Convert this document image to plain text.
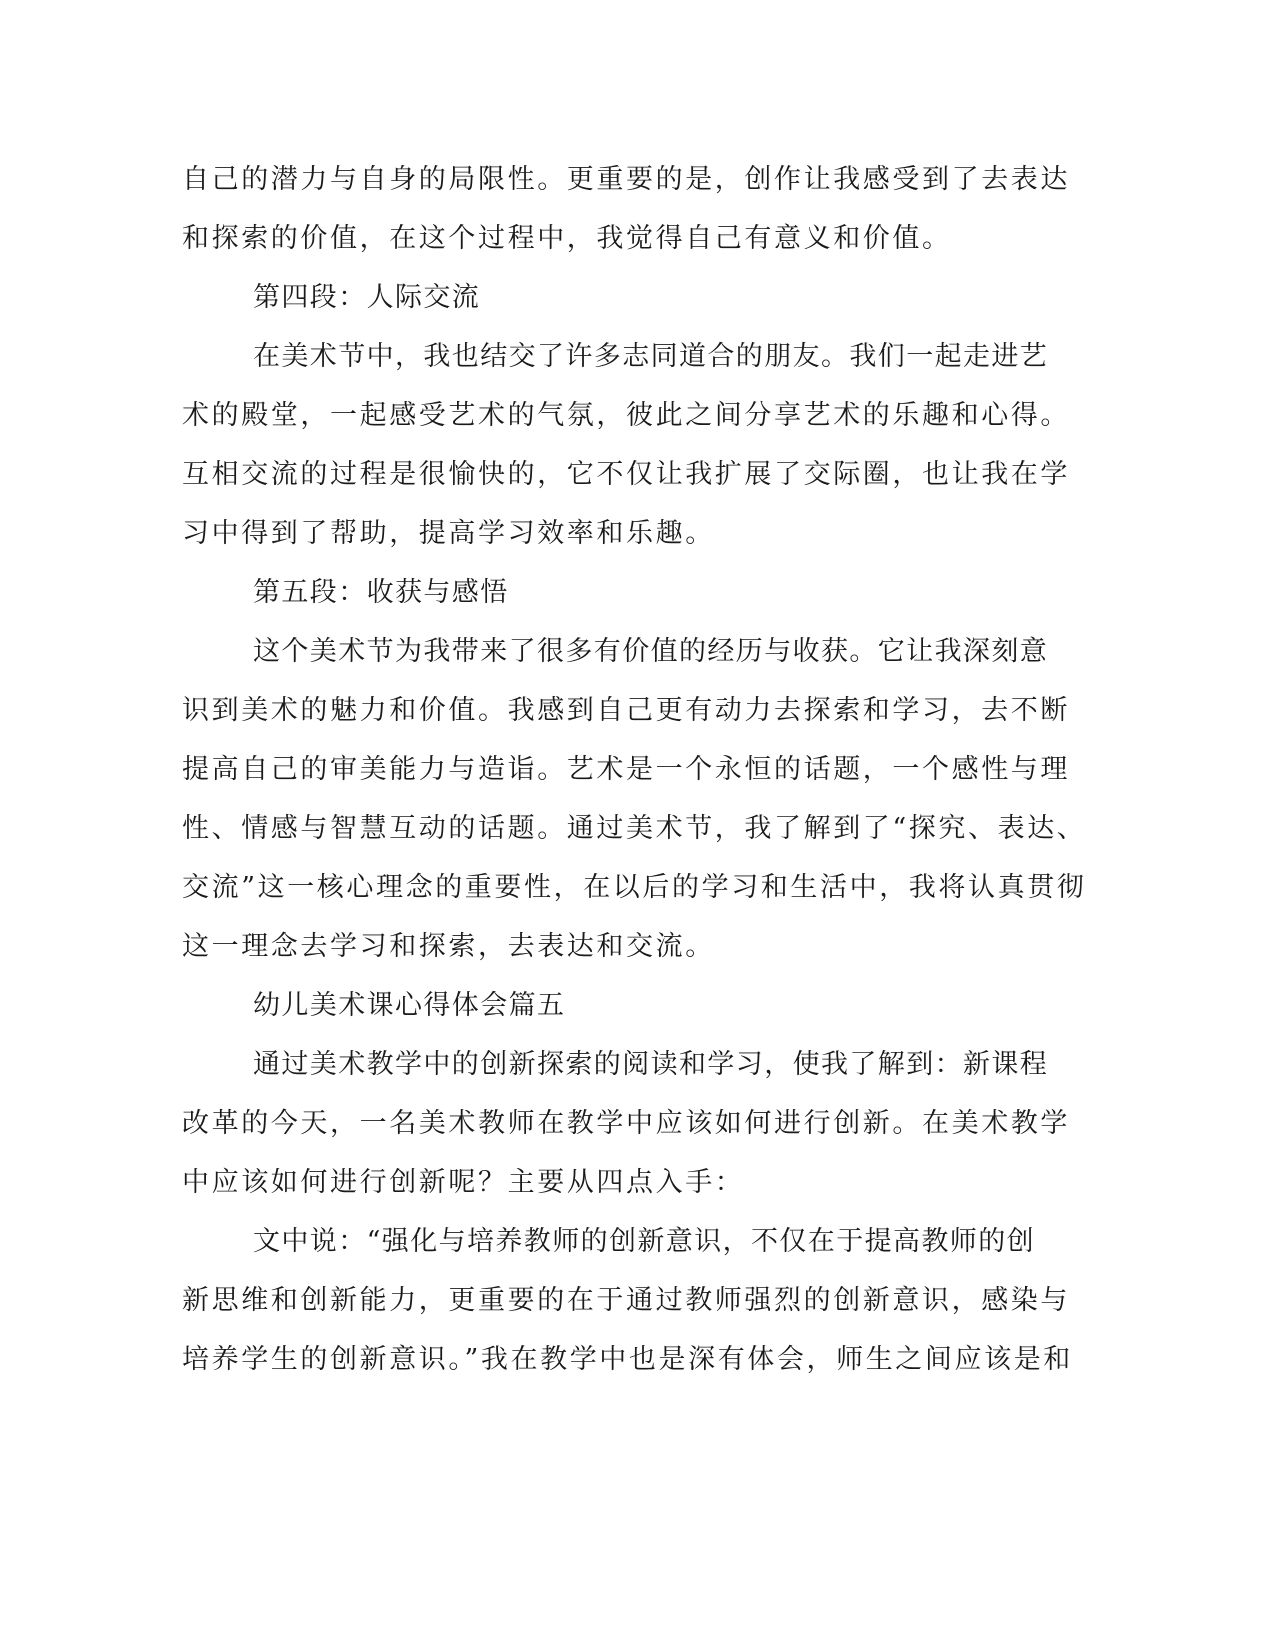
自己的潜力与自身的局限性。更重要的是，创作让我感受到了去表达
和探索的价值，在这个过程中，我觉得自己有意义和价值。
第四段：人际交流
在美术节中，我也结交了许多志同道合的朋友。我们一起走进艺
术的殿堂，一起感受艺术的气氛，彼此之间分享艺术的乐趣和心得。
互相交流的过程是很愉快的，它不仅让我扩展了交际圈，也让我在学
习中得到了帮助，提高学习效率和乐趣。
第五段：收获与感悟
这个美术节为我带来了很多有价值的经历与收获。它让我深刻意
识到美术的魅力和价值。我感到自己更有动力去探索和学习，去不断
提高自己的审美能力与造诣。艺术是一个永恒的话题，一个感性与理
性、情感与智慧互动的话题。通过美术节，我了解到了“探究、表达、
交流”这一核心理念的重要性，在以后的学习和生活中，我将认真贯彻
这一理念去学习和探索，去表达和交流。
幼儿美术课心得体会篇五
通过美术教学中的创新探索的阅读和学习，使我了解到：新课程
改革的今天，一名美术教师在教学中应该如何进行创新。在美术教学
中应该如何进行创新呢？主要从四点入手：
文中说：“强化与培养教师的创新意识，不仅在于提高教师的创
新思维和创新能力，更重要的在于通过教师强烈的创新意识，感染与
培养学生的创新意识。”我在教学中也是深有体会，师生之间应该是和
